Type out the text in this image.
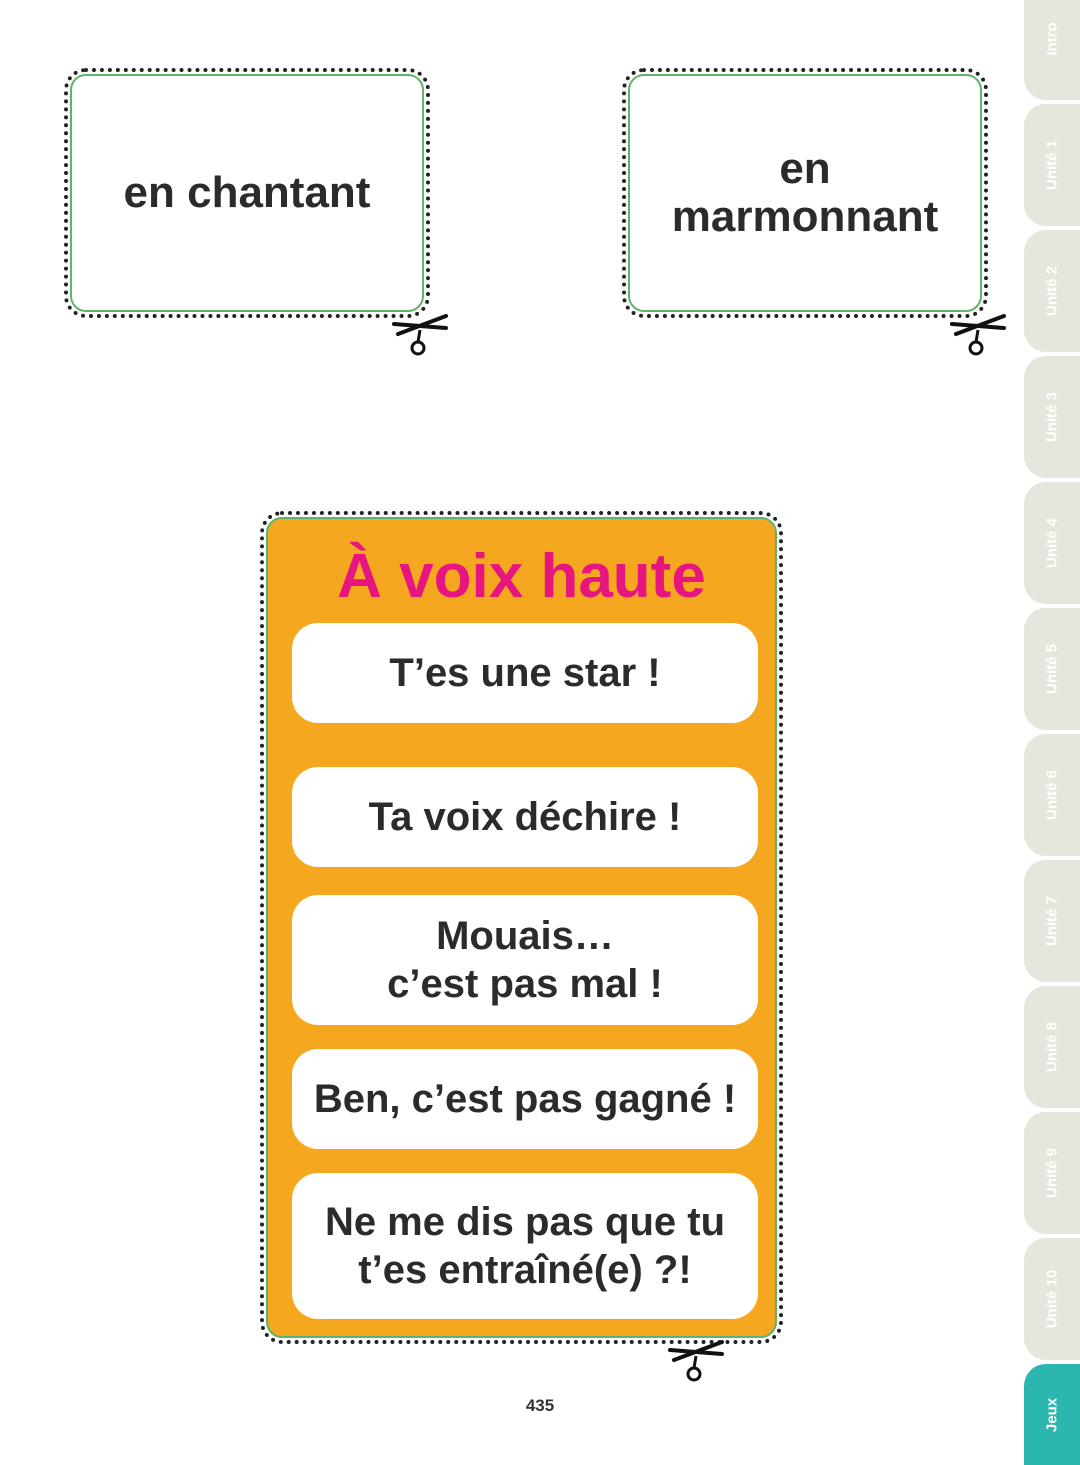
en chantant	en
marmonnant
À voix haute
T’es une star !
Ta voix déchire !
Mouais…
c’est pas mal !
Ben, c’est pas gagné !
Ne me dis pas que tu
t’es entraîné(e) ?!
435
Intro
Unité 1
Unité 2
Unité 3
Unité 4
Unité 5
Unité 6
Unité 7
Unité 8
Unité 9
Unité 10
Jeux
